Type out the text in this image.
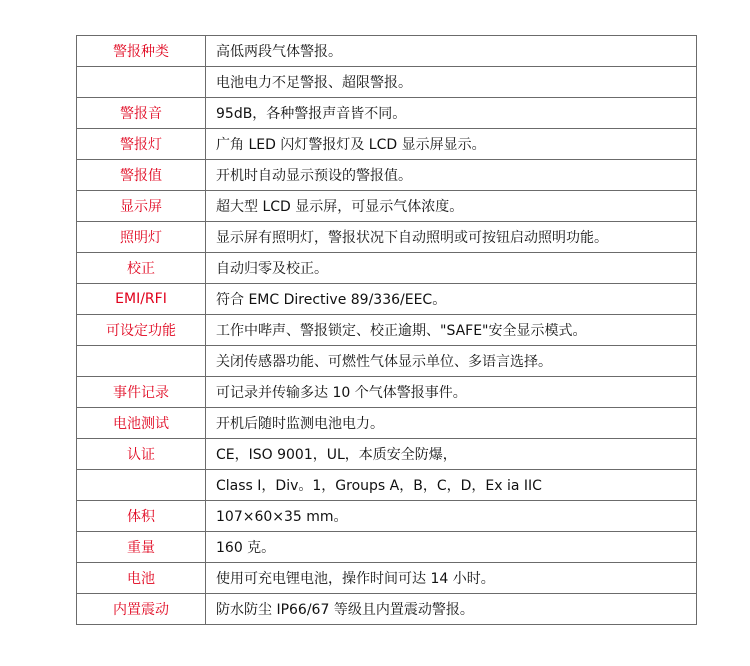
警报种类	高低两段气体警报。
	电池电力不足警报、超限警报。
警报音	95dB，各种警报声音皆不同。
警报灯	广角 LED 闪灯警报灯及 LCD 显示屏显示。
警报值	开机时自动显示预设的警报值。
显示屏	超大型 LCD 显示屏，可显示气体浓度。
照明灯	显示屏有照明灯，警报状况下自动照明或可按钮启动照明功能。
校正	自动归零及校正。
EMI/RFI	符合 EMC Directive 89/336/EEC。
可设定功能	工作中哔声、警报锁定、校正逾期、"SAFE"安全显示模式。
	关闭传感器功能、可燃性气体显示单位、多语言选择。
事件记录	可记录并传输多达 10 个气体警报事件。
电池测试	开机后随时监测电池电力。
认证	CE，ISO 9001，UL，本质安全防爆，
	Class I，Div。1，Groups A，B，C，D，Ex ia IIC
体积	107×60×35 mm。
重量	160 克。
电池	使用可充电锂电池，操作时间可达 14 小时。
内置震动	防水防尘 IP66/67 等级且内置震动警报。
